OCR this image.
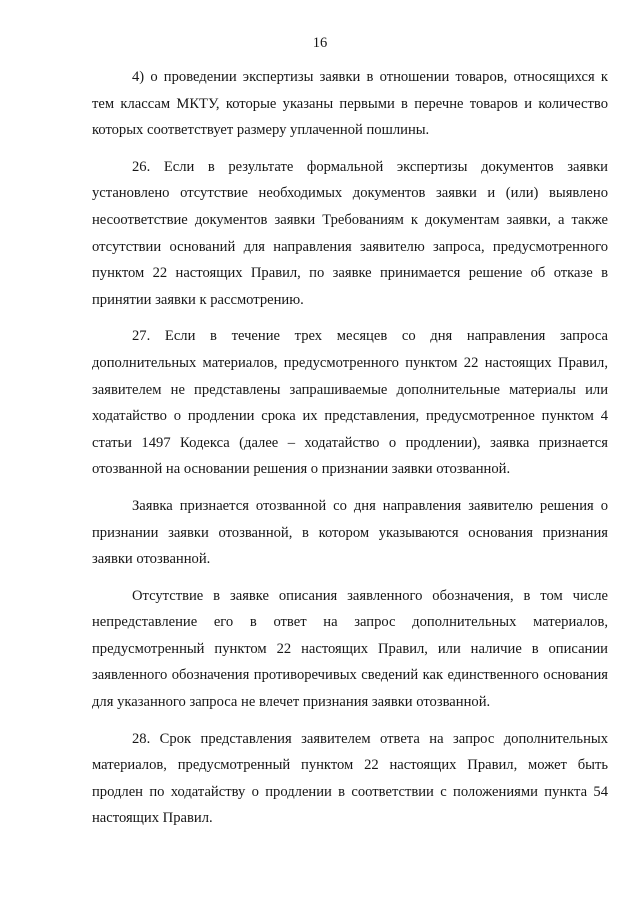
16

4) о проведении экспертизы заявки в отношении товаров, относящихся к тем классам МКТУ, которые указаны первыми в перечне товаров и количество которых соответствует размеру уплаченной пошлины.

26. Если в результате формальной экспертизы документов заявки установлено отсутствие необходимых документов заявки и (или) выявлено несоответствие документов заявки Требованиям к документам заявки, а также отсутствии оснований для направления заявителю запроса, предусмотренного пунктом 22 настоящих Правил, по заявке принимается решение об отказе в принятии заявки к рассмотрению.

27. Если в течение трех месяцев со дня направления запроса дополнительных материалов, предусмотренного пунктом 22 настоящих Правил, заявителем не представлены запрашиваемые дополнительные материалы или ходатайство о продлении срока их представления, предусмотренное пунктом 4 статьи 1497 Кодекса (далее – ходатайство о продлении), заявка признается отозванной на основании решения о признании заявки отозванной.

Заявка признается отозванной со дня направления заявителю решения о признании заявки отозванной, в котором указываются основания признания заявки отозванной.

Отсутствие в заявке описания заявленного обозначения, в том числе непредставление его в ответ на запрос дополнительных материалов, предусмотренный пунктом 22 настоящих Правил, или наличие в описании заявленного обозначения противоречивых сведений как единственного основания для указанного запроса не влечет признания заявки отозванной.

28. Срок представления заявителем ответа на запрос дополнительных материалов, предусмотренный пунктом 22 настоящих Правил, может быть продлен по ходатайству о продлении в соответствии с положениями пункта 54 настоящих Правил.
